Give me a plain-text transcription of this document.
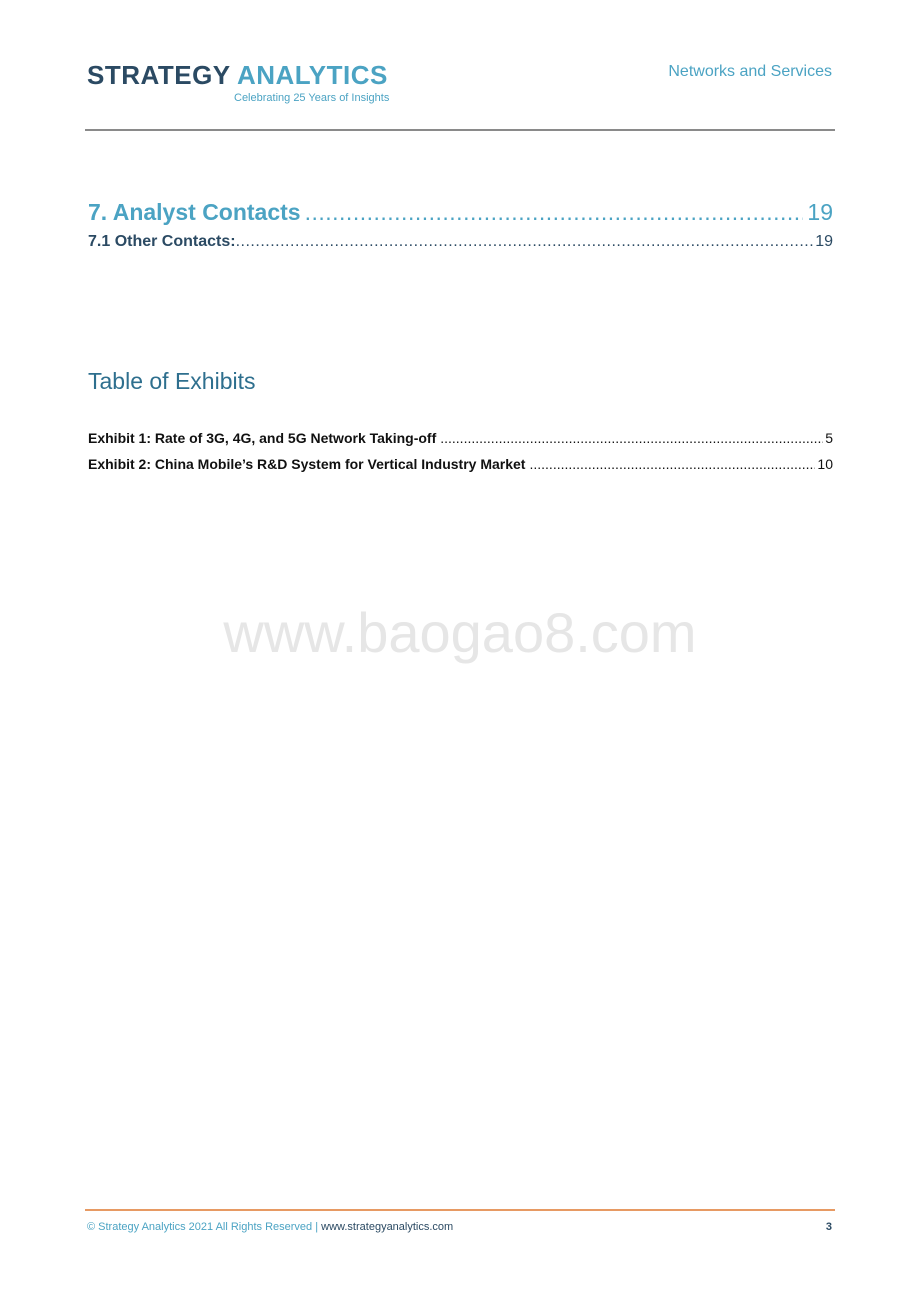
STRATEGY ANALYTICS
Celebrating 25 Years of Insights
Networks and Services
7. Analyst Contacts .....	19
7.1 Other Contacts: .....	19
Table of Exhibits
Exhibit 1: Rate of 3G, 4G, and 5G Network Taking-off .....	5
Exhibit 2: China Mobile’s R&D System for Vertical Industry Market .....	10
www.baogao8.com
© Strategy Analytics 2021 All Rights Reserved | www.strategyanalytics.com	3
